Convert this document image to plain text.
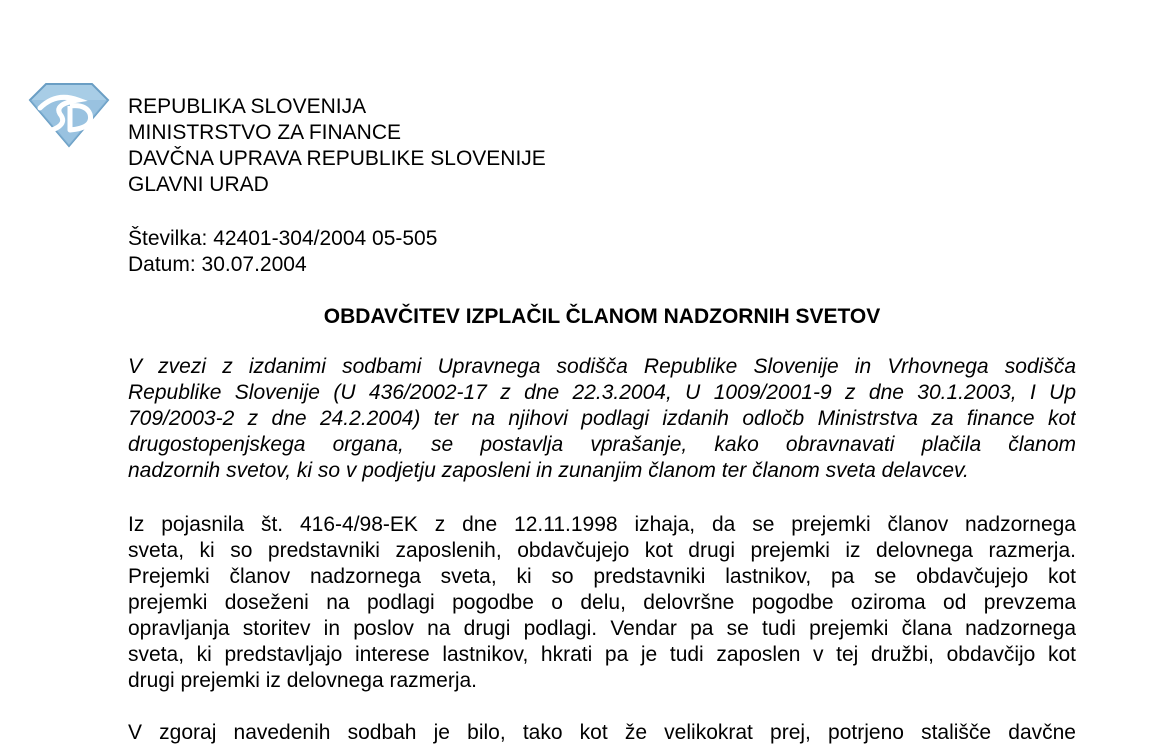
REPUBLIKA SLOVENIJA
MINISTRSTVO ZA FINANCE
DAVČNA UPRAVA REPUBLIKE SLOVENIJE
GLAVNI URAD
Številka: 42401-304/2004 05-505
Datum: 30.07.2004
OBDAVČITEV IZPLAČIL ČLANOM NADZORNIH SVETOV
V zvezi z izdanimi sodbami Upravnega sodišča Republike Slovenije in Vrhovnega sodišča
Republike Slovenije (U 436/2002-17 z dne 22.3.2004, U 1009/2001-9 z dne 30.1.2003, I Up
709/2003-2 z dne 24.2.2004) ter na njihovi podlagi izdanih odločb Ministrstva za finance kot
drugostopenjskega organa, se postavlja vprašanje, kako obravnavati plačila članom
nadzornih svetov, ki so v podjetju zaposleni in zunanjim članom ter članom sveta delavcev.
Iz pojasnila št. 416-4/98-EK z dne 12.11.1998 izhaja, da se prejemki članov nadzornega
sveta, ki so predstavniki zaposlenih, obdavčujejo kot drugi prejemki iz delovnega razmerja.
Prejemki članov nadzornega sveta, ki so predstavniki lastnikov, pa se obdavčujejo kot
prejemki doseženi na podlagi pogodbe o delu, delovršne pogodbe oziroma od prevzema
opravljanja storitev in poslov na drugi podlagi. Vendar pa se tudi prejemki člana nadzornega
sveta, ki predstavljajo interese lastnikov, hkrati pa je tudi zaposlen v tej družbi, obdavčijo kot
drugi prejemki iz delovnega razmerja.
V zgoraj navedenih sodbah je bilo, tako kot že velikokrat prej, potrjeno stališče davčne
